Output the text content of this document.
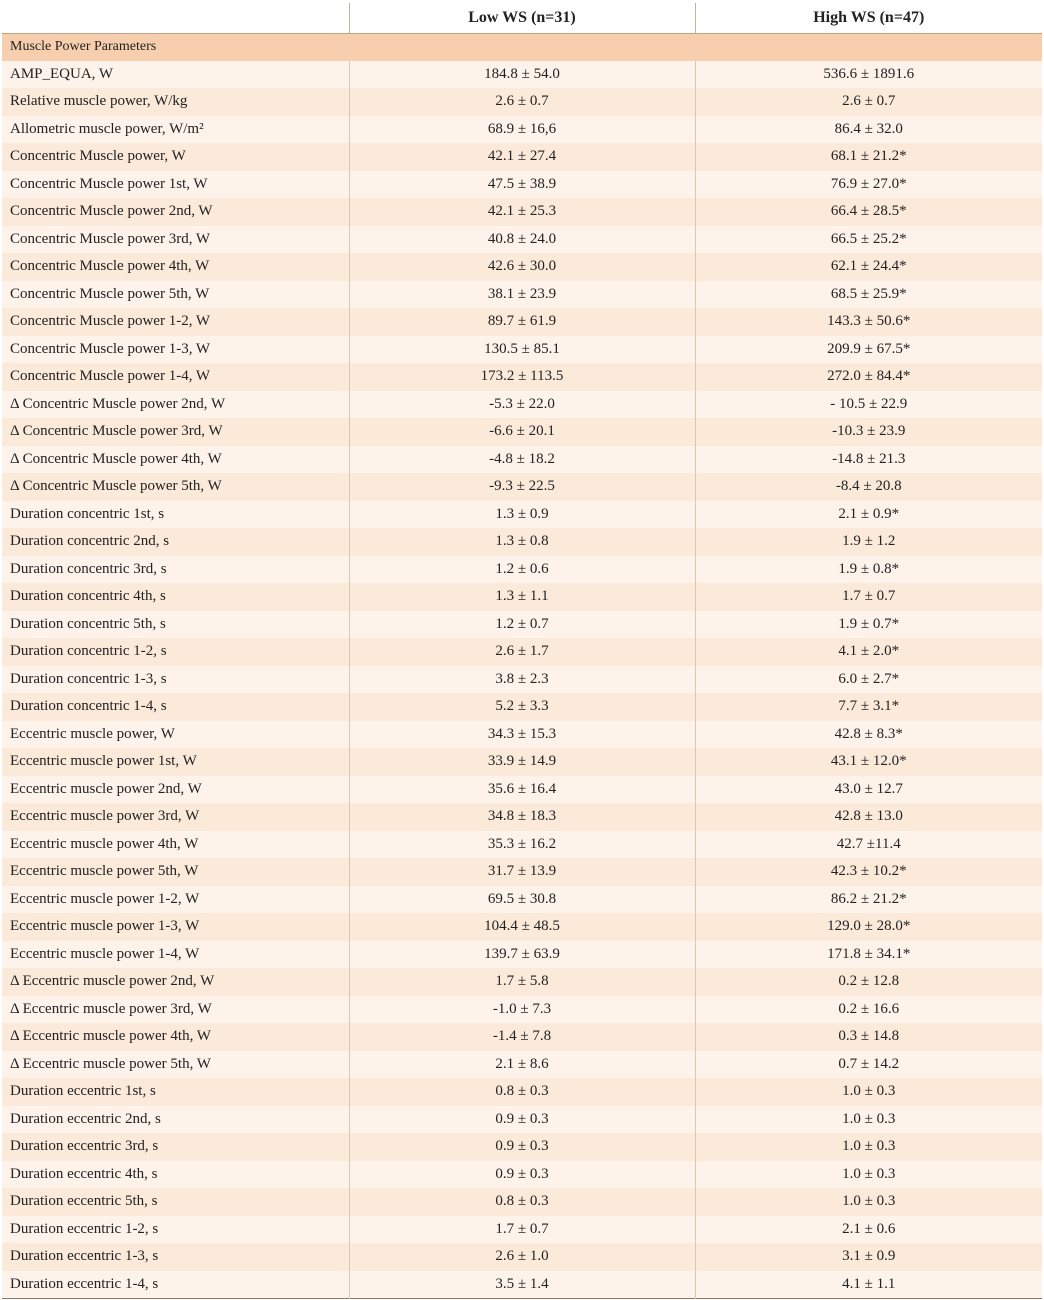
	Low WS (n=31)	High WS (n=47)
Muscle Power Parameters		
AMP_EQUA, W	184.8 ± 54.0	536.6 ± 1891.6
Relative muscle power, W/kg	2.6 ± 0.7	2.6 ± 0.7
Allometric muscle power, W/m²	68.9 ± 16,6	86.4 ± 32.0
Concentric Muscle power, W	42.1 ± 27.4	68.1 ± 21.2*
Concentric Muscle power 1st, W	47.5 ± 38.9	76.9 ± 27.0*
Concentric Muscle power 2nd, W	42.1 ± 25.3	66.4 ± 28.5*
Concentric Muscle power 3rd, W	40.8 ± 24.0	66.5 ± 25.2*
Concentric Muscle power 4th, W	42.6 ± 30.0	62.1 ± 24.4*
Concentric Muscle power 5th, W	38.1 ± 23.9	68.5 ± 25.9*
Concentric Muscle power 1-2, W	89.7 ± 61.9	143.3 ± 50.6*
Concentric Muscle power 1-3, W	130.5 ± 85.1	209.9 ± 67.5*
Concentric Muscle power 1-4, W	173.2 ± 113.5	272.0 ± 84.4*
Δ Concentric Muscle power 2nd, W	-5.3 ± 22.0	- 10.5 ± 22.9
Δ Concentric Muscle power 3rd, W	-6.6 ± 20.1	-10.3 ± 23.9
Δ Concentric Muscle power 4th, W	-4.8 ± 18.2	-14.8 ± 21.3
Δ Concentric Muscle power 5th, W	-9.3 ± 22.5	-8.4 ± 20.8
Duration concentric 1st, s	1.3 ± 0.9	2.1 ± 0.9*
Duration concentric 2nd, s	1.3 ± 0.8	1.9 ± 1.2
Duration concentric 3rd, s	1.2 ± 0.6	1.9 ± 0.8*
Duration concentric 4th, s	1.3 ± 1.1	1.7 ± 0.7
Duration concentric 5th, s	1.2 ± 0.7	1.9 ± 0.7*
Duration concentric 1-2, s	2.6 ± 1.7	4.1 ± 2.0*
Duration concentric 1-3, s	3.8 ± 2.3	6.0 ± 2.7*
Duration concentric 1-4, s	5.2 ± 3.3	7.7 ± 3.1*
Eccentric muscle power, W	34.3 ± 15.3	42.8 ± 8.3*
Eccentric muscle power 1st, W	33.9 ± 14.9	43.1 ± 12.0*
Eccentric muscle power 2nd, W	35.6 ± 16.4	43.0 ± 12.7
Eccentric muscle power 3rd, W	34.8 ± 18.3	42.8 ± 13.0
Eccentric muscle power 4th, W	35.3 ± 16.2	42.7 ±11.4
Eccentric muscle power 5th, W	31.7 ± 13.9	42.3 ± 10.2*
Eccentric muscle power 1-2, W	69.5 ± 30.8	86.2 ± 21.2*
Eccentric muscle power 1-3, W	104.4 ± 48.5	129.0 ± 28.0*
Eccentric muscle power 1-4, W	139.7 ± 63.9	171.8 ± 34.1*
Δ Eccentric muscle power 2nd, W	1.7 ± 5.8	0.2 ± 12.8
Δ Eccentric muscle power 3rd, W	-1.0 ± 7.3	0.2 ± 16.6
Δ Eccentric muscle power 4th, W	-1.4 ± 7.8	0.3 ± 14.8
Δ Eccentric muscle power 5th, W	2.1 ± 8.6	0.7 ± 14.2
Duration eccentric 1st, s	0.8 ± 0.3	1.0 ± 0.3
Duration eccentric 2nd, s	0.9 ± 0.3	1.0 ± 0.3
Duration eccentric 3rd, s	0.9 ± 0.3	1.0 ± 0.3
Duration eccentric 4th, s	0.9 ± 0.3	1.0 ± 0.3
Duration eccentric 5th, s	0.8 ± 0.3	1.0 ± 0.3
Duration eccentric 1-2, s	1.7 ± 0.7	2.1 ± 0.6
Duration eccentric 1-3, s	2.6 ± 1.0	3.1 ± 0.9
Duration eccentric 1-4, s	3.5 ± 1.4	4.1 ± 1.1
